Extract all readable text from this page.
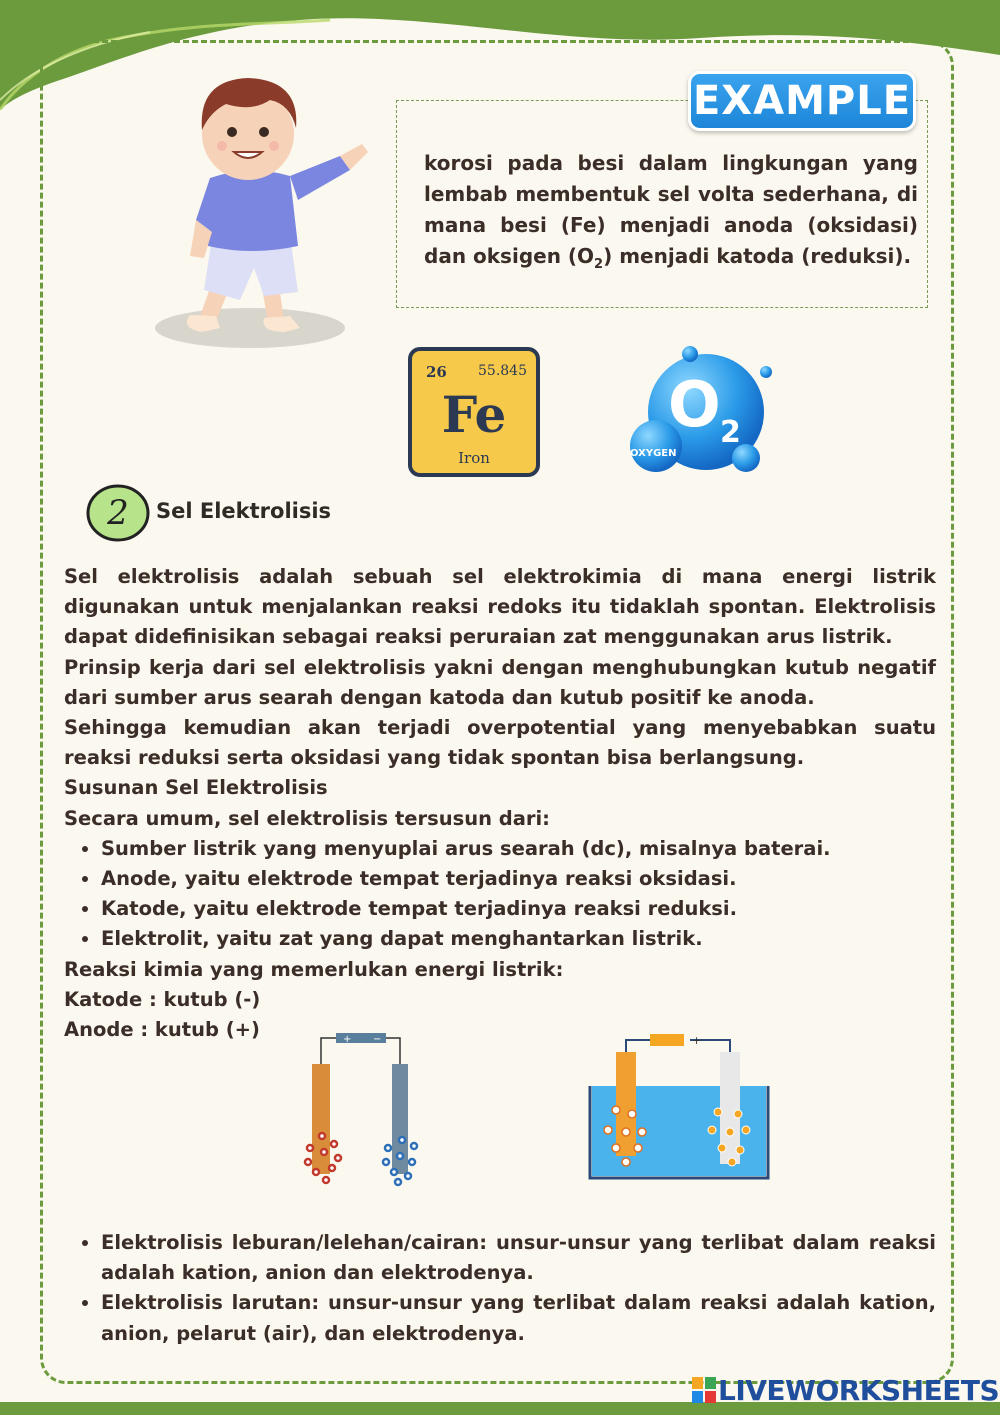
EXAMPLE

korosi pada besi dalam lingkungan yang lembab membentuk sel volta sederhana, di mana besi (Fe) menjadi anoda (oksidasi) dan oksigen $(O_2)$ menjadi katoda (reduksi).

26 55.845
Fe
Iron
O 2
OXYGEN
2 Sel Elektrolisis

Sel elektrolisis adalah sebuah sel elektrokimia di mana energi listrik digunakan untuk menjalankan reaksi redoks itu tidaklah spontan. Elektrolisis dapat didefinisikan sebagai reaksi peruraian zat menggunakan arus listrik.

Prinsip kerja dari sel elektrolisis yakni dengan menghubungkan kutub negatif dari sumber arus searah dengan katoda dan kutub positif ke anoda.

Sehingga kemudian akan terjadi overpotential yang menyebabkan suatu reaksi reduksi serta oksidasi yang tidak spontan bisa berlangsung.

Susunan Sel Elektrolisis
Secara umum, sel elektrolisis tersusun dari:
• Sumber listrik yang menyuplai arus searah (dc), misalnya baterai.
• Anode, yaitu elektrode tempat terjadinya reaksi oksidasi.
• Katode, yaitu elektrode tempat terjadinya reaksi reduksi.
• Elektrolit, yaitu zat yang dapat menghantarkan listrik.
Reaksi kimia yang memerlukan energi listrik:
Katode : kutub (-)
Anode : kutub (+)	+ −	+
• Elektrolisis leburan/lelehan/cairan: unsur-unsur yang terlibat dalam reaksi adalah kation, anion dan elektrodenya.
• Elektrolisis larutan: unsur-unsur yang terlibat dalam reaksi adalah kation, anion, pelarut (air), dan elektrodenya.
LIVEWORKSHEETS
